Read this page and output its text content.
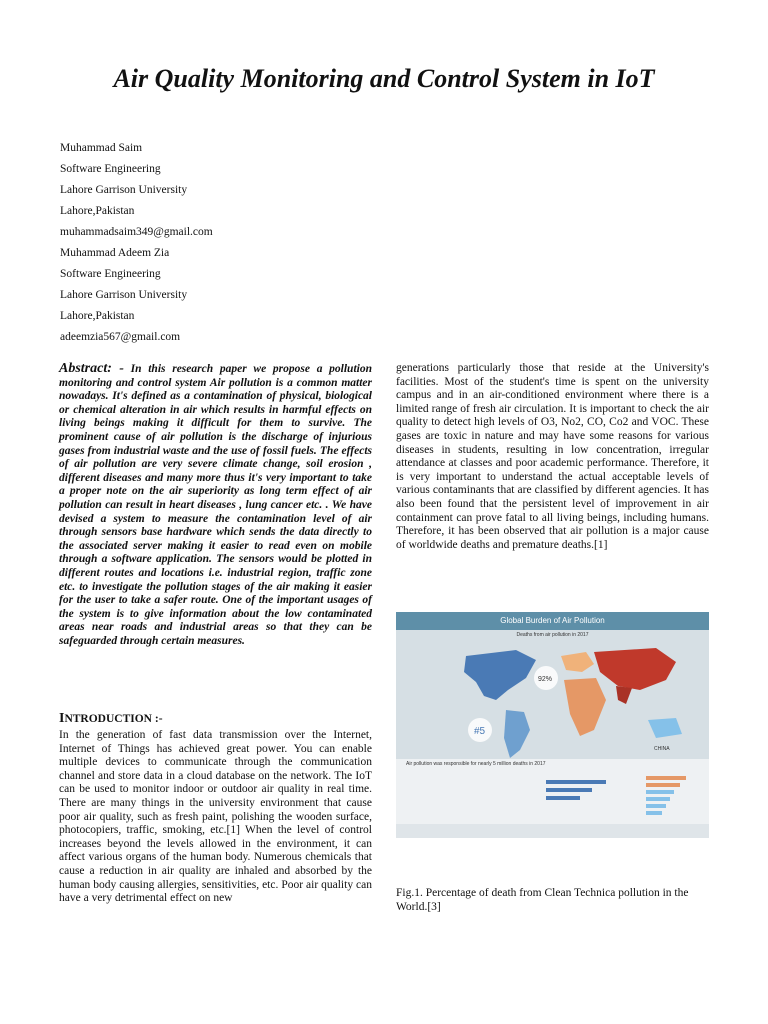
Air Quality Monitoring and Control System in IoT
Muhammad Saim
Software Engineering
Lahore Garrison University
Lahore,Pakistan
muhammadsaim349@gmail.com
Muhammad Adeem Zia
Software Engineering
Lahore Garrison University
Lahore,Pakistan
adeemzia567@gmail.com
Abstract: - In this research paper we propose a pollution monitoring and control system Air pollution is a common matter nowadays. It's defined as a contamination of physical, biological or chemical alteration in air which results in harmful effects on living beings making it difficult for them to survive. The prominent cause of air pollution is the discharge of injurious gases from industrial waste and the use of fossil fuels. The effects of air pollution are very severe climate change, soil erosion , different diseases and many more thus it's very important to take a proper note on the air superiority as long term effect of air pollution can result in heart diseases , lung cancer etc. . We have devised a system to measure the contamination level of air through sensors base hardware which sends the data directly to the associated server making it easier to read even on mobile through a software application. The sensors would be plotted in different routes and locations i.e. industrial region, traffic zone etc. to investigate the pollution stages of the air making it easier for the user to take a safer route. One of the important usages of the system is to give information about the low contaminated areas near roads and industrial areas so that they can be safeguarded through certain measures.
INTRODUCTION :-
In the generation of fast data transmission over the Internet, Internet of Things has achieved great power. You can enable multiple devices to communicate through the communication channel and store data in a cloud database on the network. The IoT can be used to monitor indoor or outdoor air quality in real time. There are many things in the university environment that cause poor air quality, such as fresh paint, polishing the wooden surface, photocopiers, traffic, smoking, etc.[1] When the level of control increases beyond the levels allowed in the environment, it can affect various organs of the human body. Numerous chemicals that cause a reduction in air quality are inhaled and absorbed by the human body causing allergies, sensitivities, etc. Poor air quality can have a very detrimental effect on new
generations particularly those that reside at the University's facilities. Most of the student's time is spent on the university campus and in an air-conditioned environment where there is a limited range of fresh air circulation. It is important to check the air quality to detect high levels of O3, No2, CO, Co2 and VOC. These gases are toxic in nature and may have some reasons for various diseases in students, resulting in low concentration, irregular attendance at classes and poor academic performance. Therefore, it is very important to understand the actual acceptable levels of various contaminants that are classified by different agencies. It has also been found that the persistent level of improvement in air containment can prove fatal to all living beings, including humans. Therefore, it has been observed that air pollution is a major cause of worldwide deaths and premature deaths.[1]
Global Burden of Air Pollution
Deaths from air pollution in 2017
#5
92%
CHINA
Air pollution was responsible for nearly 5 million deaths in 2017
Fig.1. Percentage of death from Clean Technica pollution in the World.[3]
